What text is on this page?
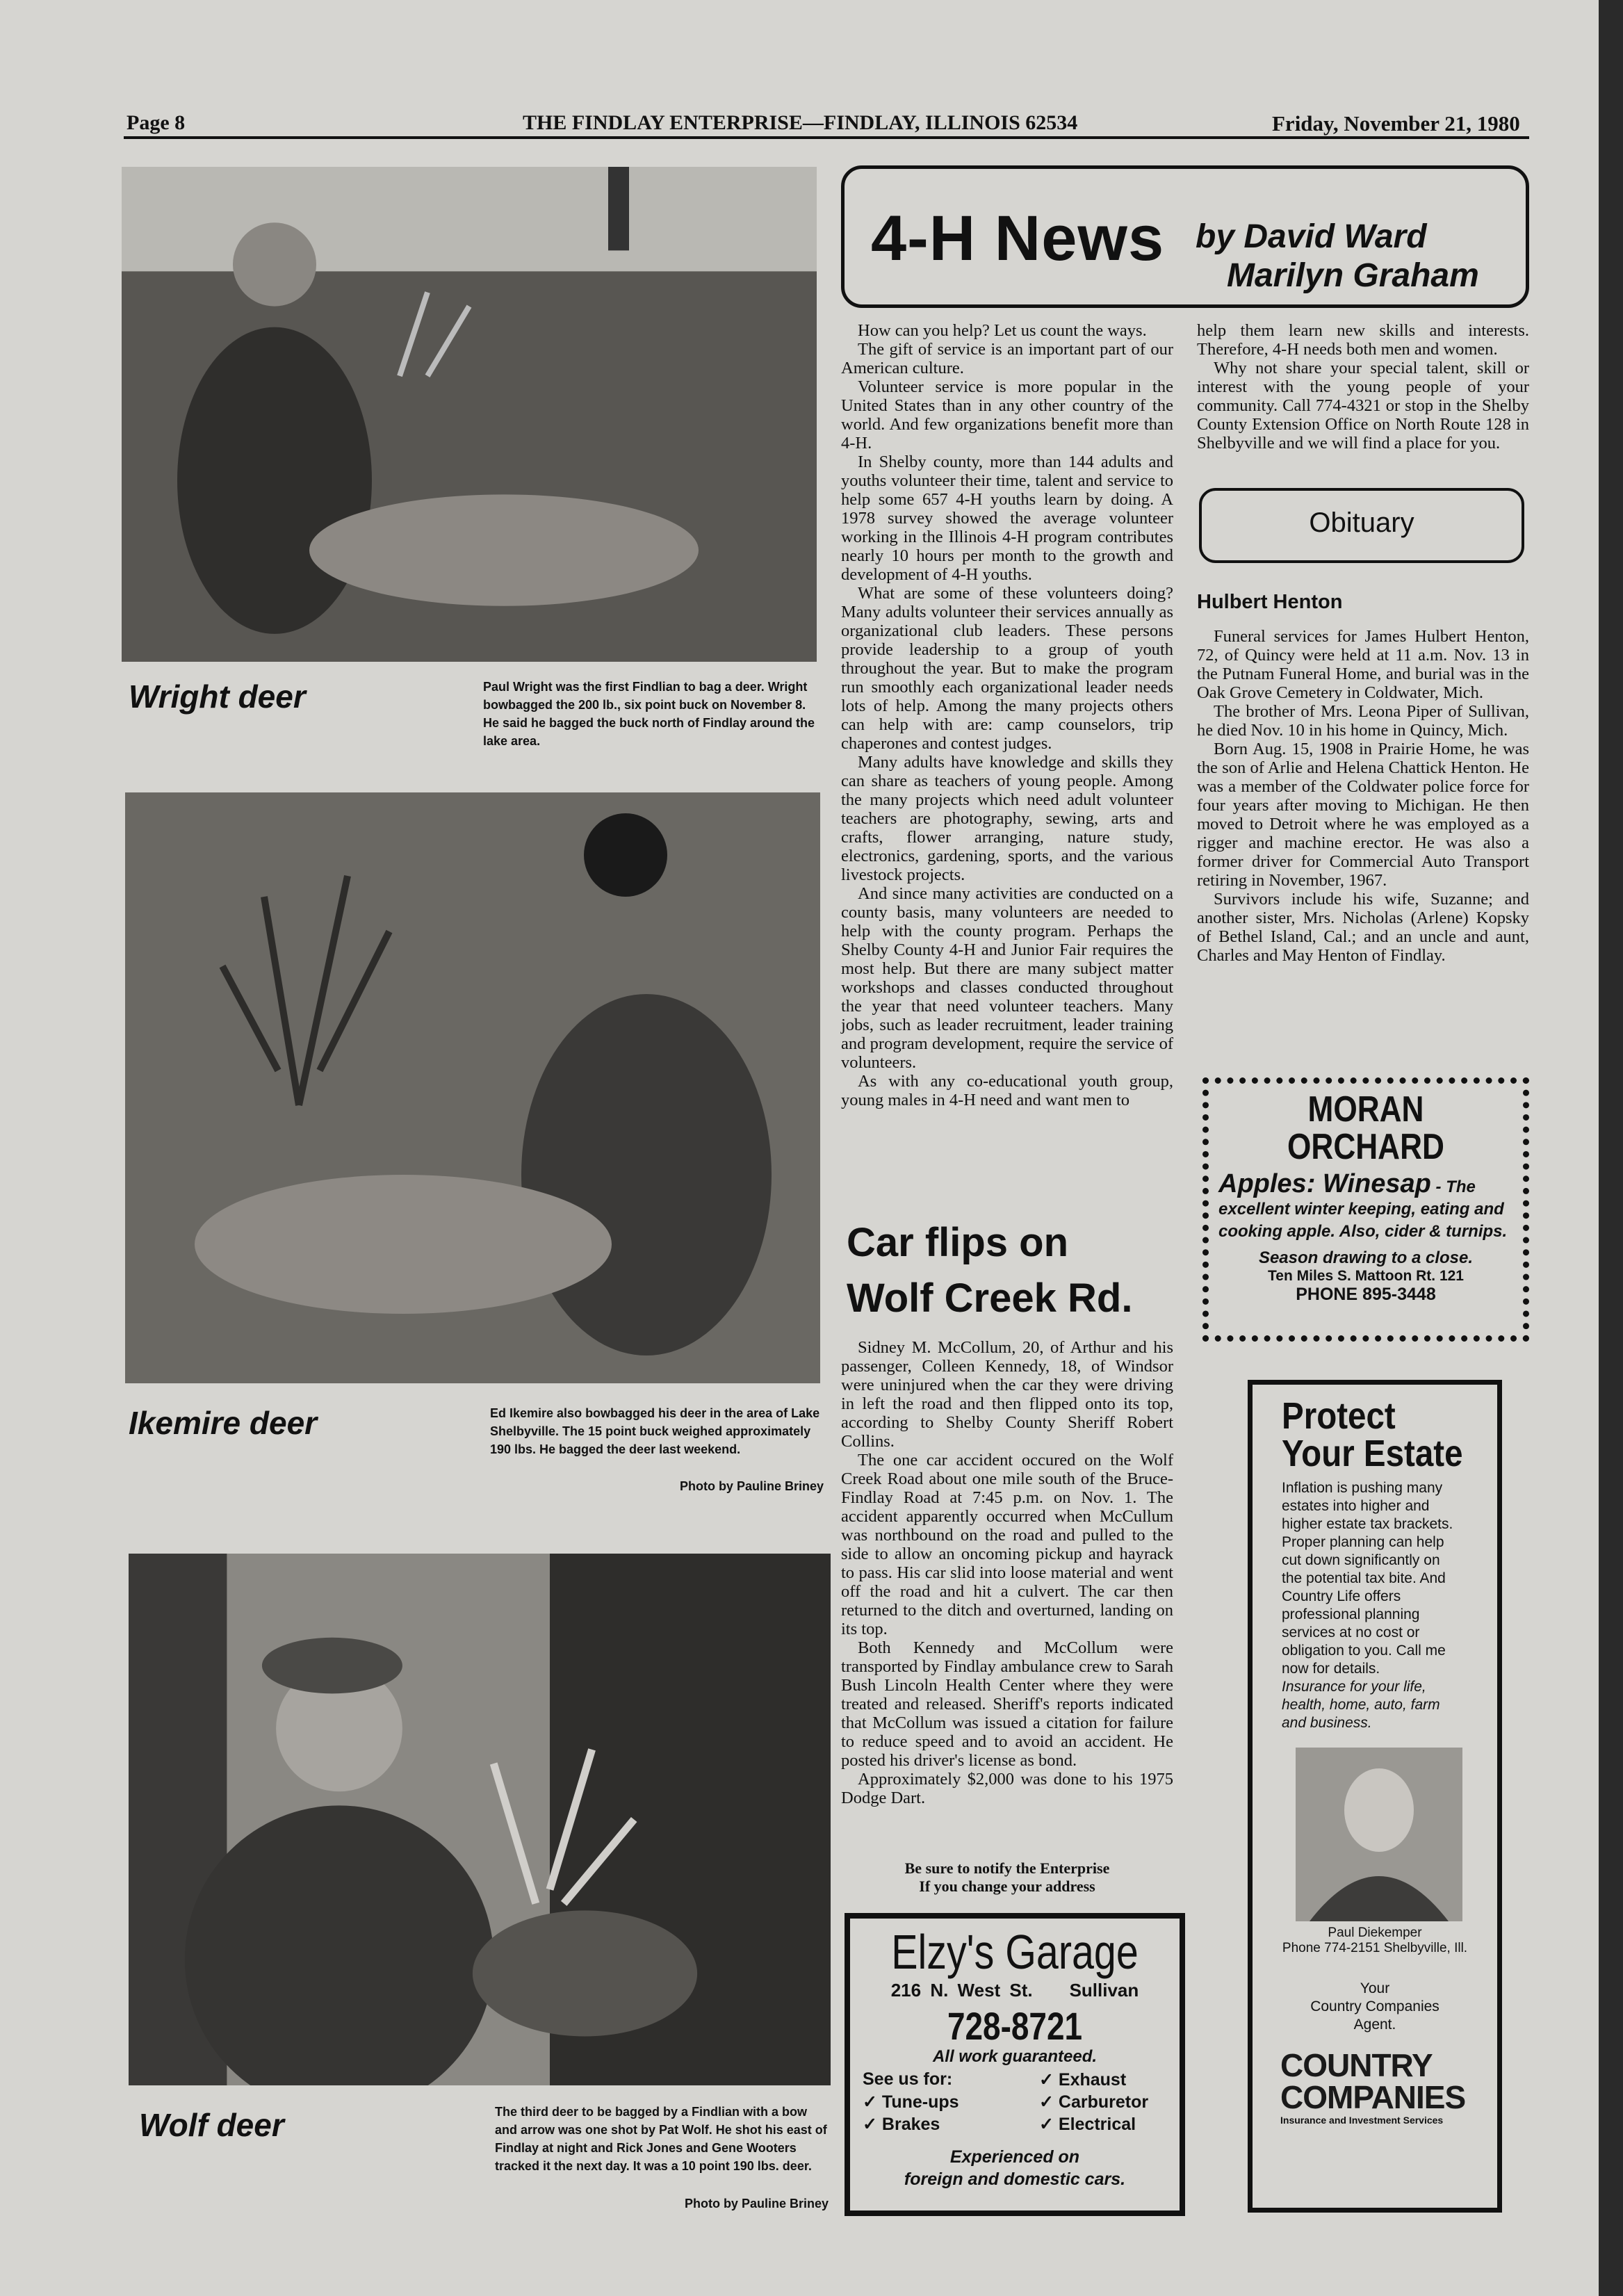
Page 8	THE FINDLAY ENTERPRISE—FINDLAY, ILLINOIS 62534	Friday, November 21, 1980
Wright deer	Paul Wright was the first Findlian to bag a deer. Wright bowbagged the 200 lb., six point buck on November 8. He said he bagged the buck north of Findlay around the lake area.
Ikemire deer	Ed Ikemire also bowbagged his deer in the area of Lake Shelbyville. The 15 point buck weighed approximately 190 lbs. He bagged the deer last weekend.
Photo by Pauline Briney
Wolf deer	The third deer to be bagged by a Findlian with a bow and arrow was one shot by Pat Wolf. He shot his east of Findlay at night and Rick Jones and Gene Wooters tracked it the next day. It was a 10 point 190 lbs. deer.
Photo by Pauline Briney
4-H News by David Ward
Marilyn Graham

How can you help? Let us count the ways.

The gift of service is an important part of our American culture.

Volunteer service is more popular in the United States than in any other country of the world. And few organizations benefit more than 4-H.

In Shelby county, more than 144 adults and youths volunteer their time, talent and service to help some 657 4-H youths learn by doing. A 1978 survey showed the average volunteer working in the Illinois 4-H program contributes nearly 10 hours per month to the growth and development of 4-H youths.

What are some of these volunteers doing? Many adults volunteer their services annually as organizational club leaders. These persons provide leadership to a group of youth throughout the year. But to make the program run smoothly each organizational leader needs lots of help. Among the many projects others can help with are: camp counselors, trip chaperones and contest judges.

Many adults have knowledge and skills they can share as teachers of young people. Among the many projects which need adult volunteer teachers are photography, sewing, arts and crafts, flower arranging, nature study, electronics, gardening, sports, and the various livestock projects.

And since many activities are conducted on a county basis, many volunteers are needed to help with the county program. Perhaps the Shelby County 4-H and Junior Fair requires the most help. But there are many subject matter workshops and classes conducted throughout the year that need volunteer teachers. Many jobs, such as leader recruitment, leader training and program development, require the service of volunteers.

As with any co-educational youth group, young males in 4-H need and want men to

help them learn new skills and interests. Therefore, 4-H needs both men and women.

Why not share your special talent, skill or interest with the young people of your community. Call 774-4321 or stop in the Shelby County Extension Office on North Route 128 in Shelbyville and we will find a place for you.

Obituary
Hulbert Henton

Funeral services for James Hulbert Henton, 72, of Quincy were held at 11 a.m. Nov. 13 in the Putnam Funeral Home, and burial was in the Oak Grove Cemetery in Coldwater, Mich.

The brother of Mrs. Leona Piper of Sullivan, he died Nov. 10 in his home in Quincy, Mich.

Born Aug. 15, 1908 in Prairie Home, he was the son of Arlie and Helena Chattick Henton. He was a member of the Coldwater police force for four years after moving to Michigan. He then moved to Detroit where he was employed as a rigger and machine erector. He was also a former driver for Commercial Auto Transport retiring in November, 1967.

Survivors include his wife, Suzanne; and another sister, Mrs. Nicholas (Arlene) Kopsky of Bethel Island, Cal.; and an uncle and aunt, Charles and May Henton of Findlay.

MORAN
ORCHARD
Apples: Winesap - The excellent winter keeping, eating and cooking apple. Also, cider & turnips.
Season drawing to a close.
Ten Miles S. Mattoon Rt. 121
PHONE 895-3448
Car flips on
Wolf Creek Rd.

Sidney M. McCollum, 20, of Arthur and his passenger, Colleen Kennedy, 18, of Windsor were uninjured when the car they were driving in left the road and then flipped onto its top, according to Shelby County Sheriff Robert Collins.

The one car accident occured on the Wolf Creek Road about one mile south of the Bruce-Findlay Road at 7:45 p.m. on Nov. 1. The accident apparently occurred when McCullum was northbound on the road and pulled to the side to allow an oncoming pickup and hayrack to pass. His car slid into loose material and went off the road and hit a culvert. The car then returned to the ditch and overturned, landing on its top.

Both Kennedy and McCollum were transported by Findlay ambulance crew to Sarah Bush Lincoln Health Center where they were treated and released. Sheriff's reports indicated that McCollum was issued a citation for failure to reduce speed and to avoid an accident. He posted his driver's license as bond.

Approximately $2,000 was done to his 1975 Dodge Dart.

Be sure to notify the Enterprise
If you change your address
Elzy's Garage
216 N. West St. Sullivan
728-8721
All work guaranteed.
See us for:
✓ Tune-ups
✓ Brakes
✓ Exhaust
✓ Carburetor
✓ Electrical
Experienced on
foreign and domestic cars.
Protect
Your Estate
Inflation is pushing many estates into higher and higher estate tax brackets. Proper planning can help cut down significantly on the potential tax bite. And Country Life offers professional planning services at no cost or obligation to you. Call me now for details.
Insurance for your life, health, home, auto, farm and business.
Paul Diekemper
Phone 774-2151 Shelbyville, Ill.
Your
Country Companies
Agent.
COUNTRY
COMPANIES
Insurance and Investment Services
